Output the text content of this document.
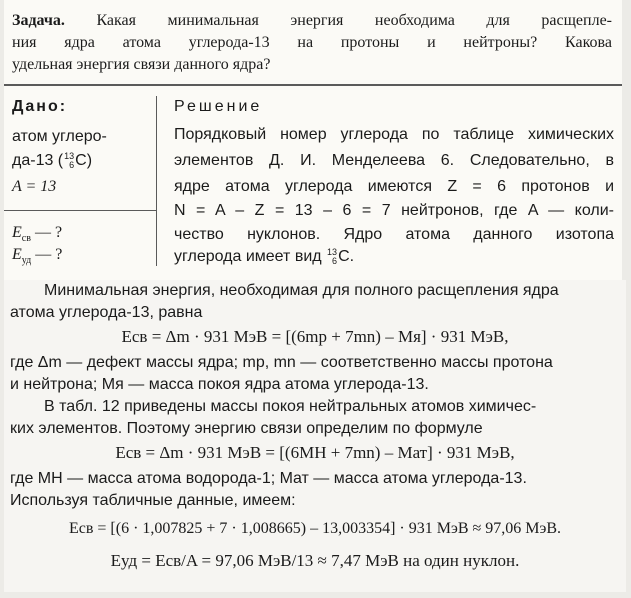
Задача. Какая минимальная энергия необходима для расщепле-
ния ядра атома углерода-13 на протоны и нейтроны? Какова
удельная энергия связи данного ядра?
Дано:
атом углеро-
да-13 ( 13
6 C)
A = 13
$E_{св}$ — ?
$E_{уд}$ — ?
Решение
Порядковый номер углерода по таблице химических
элементов Д. И. Менделеева 6. Следовательно, в
ядре атома углерода имеются Z = 6 протонов и
N = A – Z = 13 – 6 = 7 нейтронов, где A — коли-
чество нуклонов. Ядро атома данного изотопа
углерода имеет вид 13
6 C.
Минимальная энергия, необходимая для полного расщепления ядра
атома углерода-13, равна
Eсв = Δm · 931 МэВ = [(6mp + 7mn) – Mя] · 931 МэВ,
где Δm — дефект массы ядра; mp, mn — соответственно массы протона
и нейтрона; Mя — масса покоя ядра атома углерода-13.
В табл. 12 приведены массы покоя нейтральных атомов химичес-
ких элементов. Поэтому энергию связи определим по формуле
Eсв = Δm · 931 МэВ = [(6MH + 7mn) – Mат] · 931 МэВ,
где MH — масса атома водорода-1; Mат — масса атома углерода-13.
Используя табличные данные, имеем:
Eсв = [(6 · 1,007825 + 7 · 1,008665) – 13,003354] · 931 МэВ ≈ 97,06 МэВ.
Eуд = Eсв/A = 97,06 МэВ/13 ≈ 7,47 МэВ на один нуклон.
